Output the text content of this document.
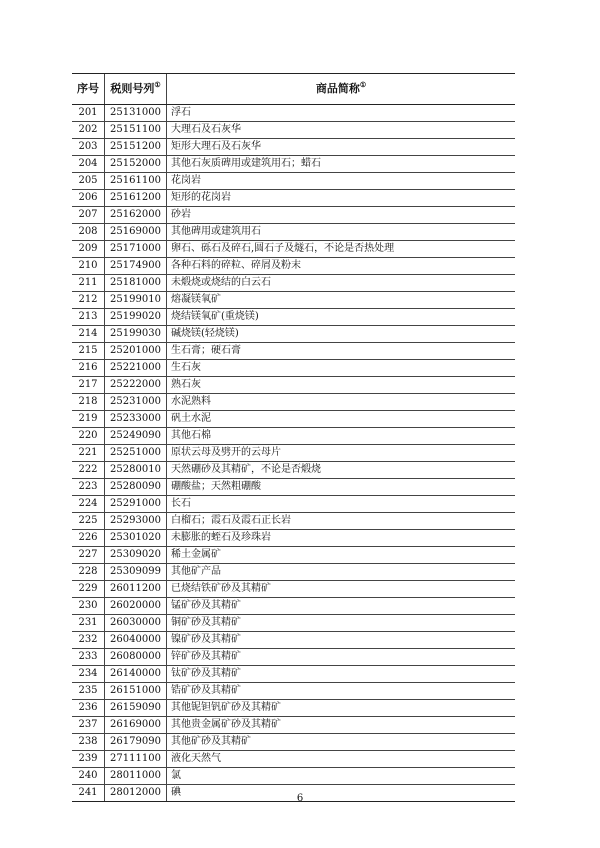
序号	税则号列①	商品简称①
201	25131000	浮石
202	25151100	大理石及石灰华
203	25151200	矩形大理石及石灰华
204	25152000	其他石灰质碑用或建筑用石；蜡石
205	25161100	花岗岩
206	25161200	矩形的花岗岩
207	25162000	砂岩
208	25169000	其他碑用或建筑用石
209	25171000	卵石、砾石及碎石,圆石子及燧石，不论是否热处理
210	25174900	各种石料的碎粒、碎屑及粉末
211	25181000	未煅烧或烧结的白云石
212	25199010	熔凝镁氧矿
213	25199020	烧结镁氧矿(重烧镁)
214	25199030	碱烧镁(轻烧镁)
215	25201000	生石膏；硬石膏
216	25221000	生石灰
217	25222000	熟石灰
218	25231000	水泥熟料
219	25233000	矾土水泥
220	25249090	其他石棉
221	25251000	原状云母及劈开的云母片
222	25280010	天然硼砂及其精矿，不论是否煅烧
223	25280090	硼酸盐；天然粗硼酸
224	25291000	长石
225	25293000	白榴石；霞石及霞石正长岩
226	25301020	未膨胀的蛭石及珍珠岩
227	25309020	稀土金属矿
228	25309099	其他矿产品
229	26011200	已烧结铁矿砂及其精矿
230	26020000	锰矿砂及其精矿
231	26030000	铜矿砂及其精矿
232	26040000	镍矿砂及其精矿
233	26080000	锌矿砂及其精矿
234	26140000	钛矿砂及其精矿
235	26151000	锆矿砂及其精矿
236	26159090	其他铌钽钒矿砂及其精矿
237	26169000	其他贵金属矿砂及其精矿
238	26179090	其他矿砂及其精矿
239	27111100	液化天然气
240	28011000	氯
241	28012000	碘
6
